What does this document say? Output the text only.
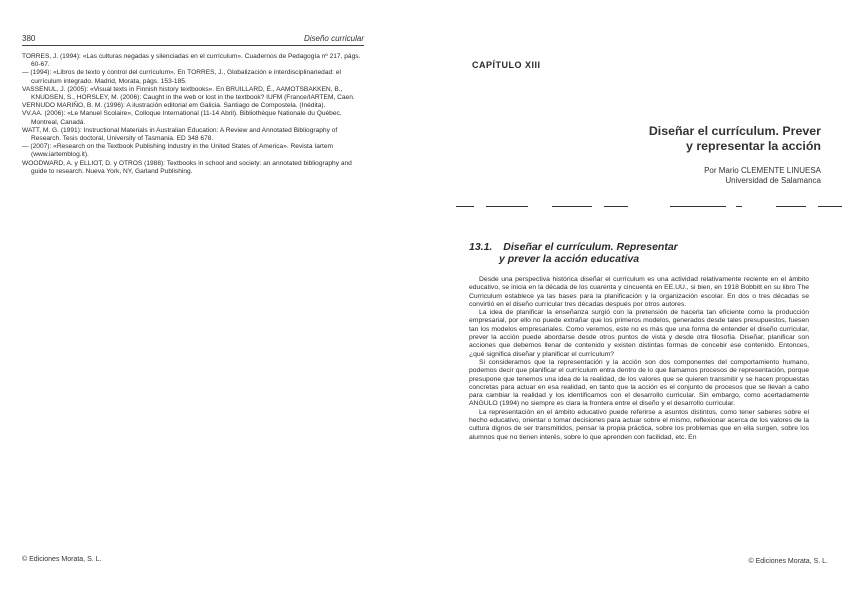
380	Diseño curricular

TORRES, J. (1994): «Las culturas negadas y silenciadas en el currículum». Cuadernos de Pedagogía nº 217, págs. 60-67.

— (1994): «Libros de texto y control del currículum». En TORRES, J., Globalización e interdisciplinariedad: el currículum integrado. Madrid, Morata, págs. 153-185.

VASSENUL, J. (2005): «Visual texts in Finnish history textbooks». En BRUILLARD, É., AAMOTSBAKKEN, B., KNUDSEN, S., HORSLEY, M. (2006): Caught in the web or lost in the textbook? IUFM (France/IARTEM, Caen.

VERNUDO MARIÑO, B. M. (1996): A ilustración editorial em Galicia. Santiago de Compostela. (Inédita).

VV.AA. (2006): «Le Manuel Scolaire», Colloque International (11-14 Abril). Bibliothèque Nationale du Québec. Montreal, Canadá.

WATT, M. G. (1991): Instructional Materials in Australian Education: A Review and Annotated Bibliography of Research. Tesis doctoral, University of Tasmania. ED 348 678.

— (2007): «Research on the Textbook Publishing Industry in the United States of America». Revista Iartem (www.iartemblog.it).

WOODWARD, A. y ELLIOT, D. y OTROS (1988): Textbooks in school and society: an annotated bibliography and guide to research. Nueva York, NY, Garland Publishing.

© Ediciones Morata, S. L.
CAPÍTULO XIII
Diseñar el currículum. Prever
y representar la acción
Por Mario CLEMENTE LINUESA
Universidad de Salamanca
13.1. Diseñar el currículum. Representar
y prever la acción educativa

Desde una perspectiva histórica diseñar el currículum es una actividad relativamente reciente en el ámbito educativo, se inicia en la década de los cuarenta y cincuenta en EE.UU., si bien, en 1918 Bobbitt en su libro The Curriculum establece ya las bases para la planificación y la organización escolar. En dos o tres décadas se convirtió en el diseño curricular tres décadas después por otros autores.

La idea de planificar la enseñanza surgió con la pretensión de hacerla tan eficiente como la producción empresarial, por ello no puede extrañar que los primeros modelos, generados desde tales presupuestos, fuesen tan los modelos empresariales. Como veremos, este no es más que una forma de entender el diseño curricular, prever la acción puede abordarse desde otros puntos de vista y desde otra filosofía. Diseñar, planificar son acciones que debemos llenar de contenido y existen distintas formas de concebir ese contenido. Entonces, ¿qué significa diseñar y planificar el currículum?

Si consideramos que la representación y la acción son dos componentes del comportamiento humano, podemos decir que planificar el currículum entra dentro de lo que llamamos procesos de representación, porque presupone que tenemos una idea de la realidad, de los valores que se quieren transmitir y se hacen propuestas concretas para actuar en esa realidad, en tanto que la acción es el conjunto de procesos que se llevan a cabo para cambiar la realidad y los identificamos con el desarrollo curricular. Sin embargo, como acertadamente ANGULO (1994) no siempre es clara la frontera entre el diseño y el desarrollo curricular.

La representación en el ámbito educativo puede referirse a asuntos distintos, como tener saberes sobre el hecho educativo, orientar o tomar decisiones para actuar sobre el mismo, reflexionar acerca de los valores de la cultura dignos de ser transmitidos, pensar la propia práctica, sobre los problemas que en ella surgen, sobre los alumnos que no tienen interés, sobre lo que aprenden con facilidad, etc. En

© Ediciones Morata, S. L.
